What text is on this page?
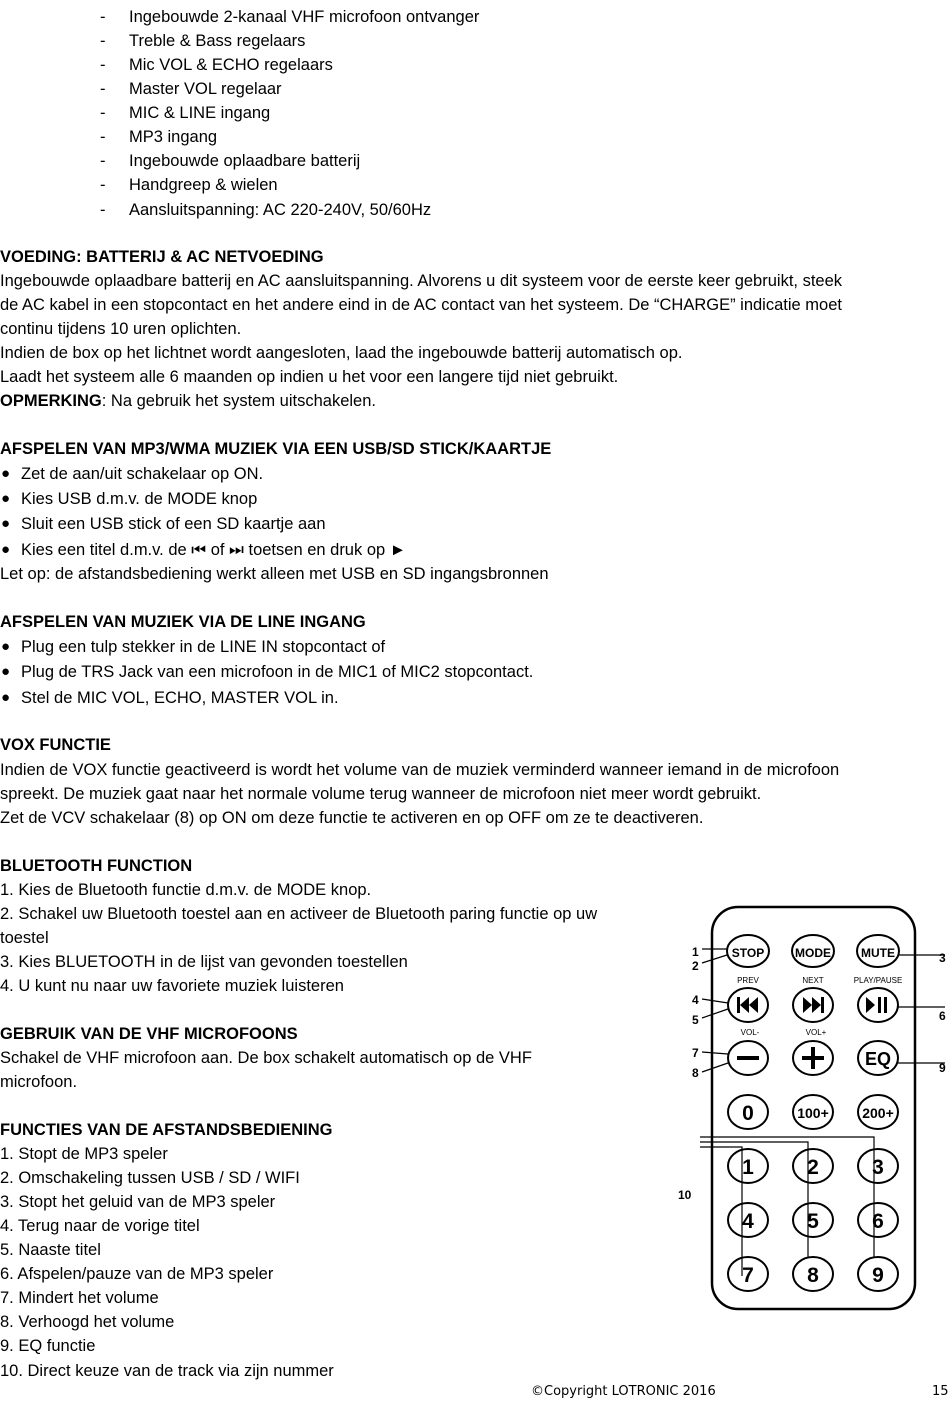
- Ingebouwde 2-kanaal VHF microfoon ontvanger
- Treble & Bass regelaars
- Mic VOL & ECHO regelaars
- Master VOL regelaar
- MIC & LINE ingang
- MP3 ingang
- Ingebouwde oplaadbare batterij
- Handgreep & wielen
- Aansluitspanning: AC 220-240V, 50/60Hz
VOEDING: BATTERIJ & AC NETVOEDING
Ingebouwde oplaadbare batterij en AC aansluitspanning. Alvorens u dit systeem voor de eerste keer gebruikt, steek
de AC kabel in een stopcontact en het andere eind in de AC contact van het systeem. De “CHARGE” indicatie moet
continu tijdens 10 uren oplichten.
Indien de box op het lichtnet wordt aangesloten, laad the ingebouwde batterij automatisch op.
Laadt het systeem alle 6 maanden op indien u het voor een langere tijd niet gebruikt.
OPMERKING: Na gebruik het system uitschakelen.
AFSPELEN VAN MP3/WMA MUZIEK VIA EEN USB/SD STICK/KAARTJE
● Zet de aan/uit schakelaar op ON.
● Kies USB d.m.v. de MODE knop
● Sluit een USB stick of een SD kaartje aan
● Kies een titel d.m.v. de ⏮ of ⏭ toetsen en druk op ►
Let op: de afstandsbediening werkt alleen met USB en SD ingangsbronnen
AFSPELEN VAN MUZIEK VIA DE LINE INGANG
● Plug een tulp stekker in de LINE IN stopcontact of
● Plug de TRS Jack van een microfoon in de MIC1 of MIC2 stopcontact.
● Stel de MIC VOL, ECHO, MASTER VOL in.
VOX FUNCTIE
Indien de VOX functie geactiveerd is wordt het volume van de muziek verminderd wanneer iemand in de microfoon
spreekt. De muziek gaat naar het normale volume terug wanneer de microfoon niet meer wordt gebruikt.
Zet de VCV schakelaar (8) op ON om deze functie te activeren en op OFF om ze te deactiveren.
BLUETOOTH FUNCTION
1. Kies de Bluetooth functie d.m.v. de MODE knop.
2. Schakel uw Bluetooth toestel aan en activeer de Bluetooth paring functie op uw
toestel
3. Kies BLUETOOTH in de lijst van gevonden toestellen
4. U kunt nu naar uw favoriete muziek luisteren
GEBRUIK VAN DE VHF MICROFOONS
Schakel de VHF microfoon aan. De box schakelt automatisch op de VHF
microfoon.
FUNCTIES VAN DE AFSTANDSBEDIENING
1. Stopt de MP3 speler
2. Omschakeling tussen USB / SD / WIFI
3. Stopt het geluid van de MP3 speler
4. Terug naar de vorige titel
5. Naaste titel
6. Afspelen/pauze van de MP3 speler
7. Mindert het volume
8. Verhoogd het volume
9. EQ functie
10. Direct keuze van de track via zijn nummer
STOP	MODE	MUTE
PREV	NEXT	PLAY/PAUSE
VOL-	VOL+
EQ
0	100+ 200+
1	2	3
4	5	6
7	8	9
1
2
3
4
5	6
7
8	9
10
©Copyright LOTRONIC 2016	15
